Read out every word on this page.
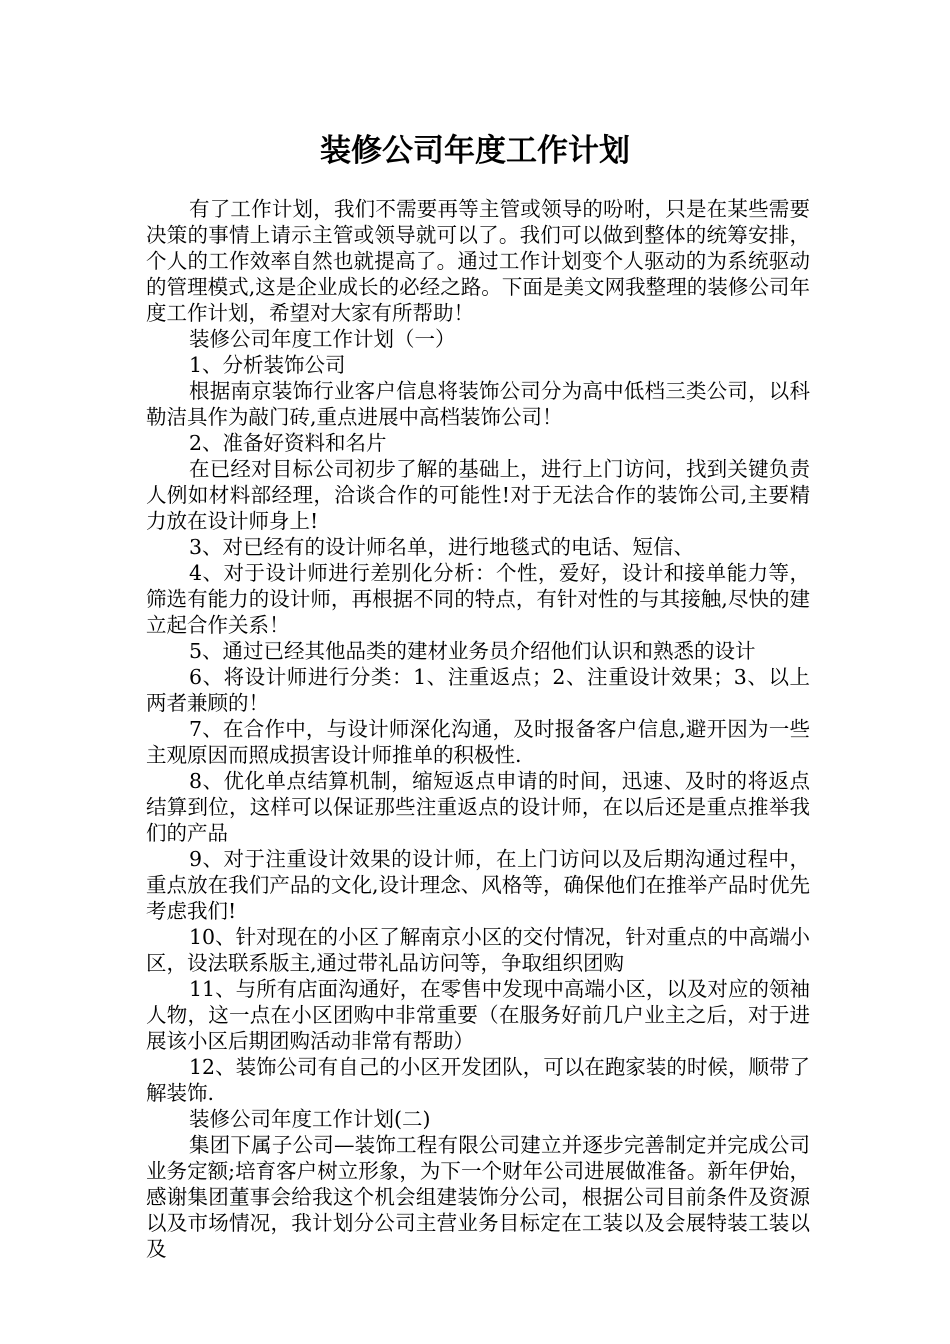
装修公司年度工作计划

有了工作计划，我们不需要再等主管或领导的吩咐，只是在某些需要决策的事情上请示主管或领导就可以了。我们可以做到整体的统筹安排，个人的工作效率自然也就提高了。通过工作计划变个人驱动的为系统驱动的管理模式,这是企业成长的必经之路。下面是美文网我整理的装修公司年度工作计划，希望对大家有所帮助！

装修公司年度工作计划（一）

1、分析装饰公司

根据南京装饰行业客户信息将装饰公司分为高中低档三类公司，以科勒洁具作为敲门砖,重点进展中高档装饰公司！

2、准备好资料和名片

在已经对目标公司初步了解的基础上，进行上门访问，找到关键负责人例如材料部经理，洽谈合作的可能性!对于无法合作的装饰公司,主要精力放在设计师身上!

3、对已经有的设计师名单，进行地毯式的电话、短信、

4、对于设计师进行差别化分析：个性，爱好，设计和接单能力等，筛选有能力的设计师，再根据不同的特点，有针对性的与其接触,尽快的建立起合作关系！

5、通过已经其他品类的建材业务员介绍他们认识和熟悉的设计

6、将设计师进行分类：1、注重返点；2、注重设计效果；3、以上两者兼顾的！

7、在合作中，与设计师深化沟通，及时报备客户信息,避开因为一些主观原因而照成损害设计师推单的积极性.

8、优化单点结算机制，缩短返点申请的时间，迅速、及时的将返点结算到位，这样可以保证那些注重返点的设计师，在以后还是重点推举我们的产品

9、对于注重设计效果的设计师，在上门访问以及后期沟通过程中，重点放在我们产品的文化,设计理念、风格等，确保他们在推举产品时优先考虑我们!

10、针对现在的小区了解南京小区的交付情况，针对重点的中高端小区，设法联系版主,通过带礼品访问等，争取组织团购

11、与所有店面沟通好，在零售中发现中高端小区，以及对应的领袖人物，这一点在小区团购中非常重要（在服务好前几户业主之后，对于进展该小区后期团购活动非常有帮助）

12、装饰公司有自己的小区开发团队，可以在跑家装的时候，顺带了解装饰.

装修公司年度工作计划(二)

集团下属子公司—装饰工程有限公司建立并逐步完善制定并完成公司业务定额;培育客户树立形象，为下一个财年公司进展做准备。新年伊始，感谢集团董事会给我这个机会组建装饰分公司，根据公司目前条件及资源以及市场情况，我计划分公司主营业务目标定在工装以及会展特装工装以及
